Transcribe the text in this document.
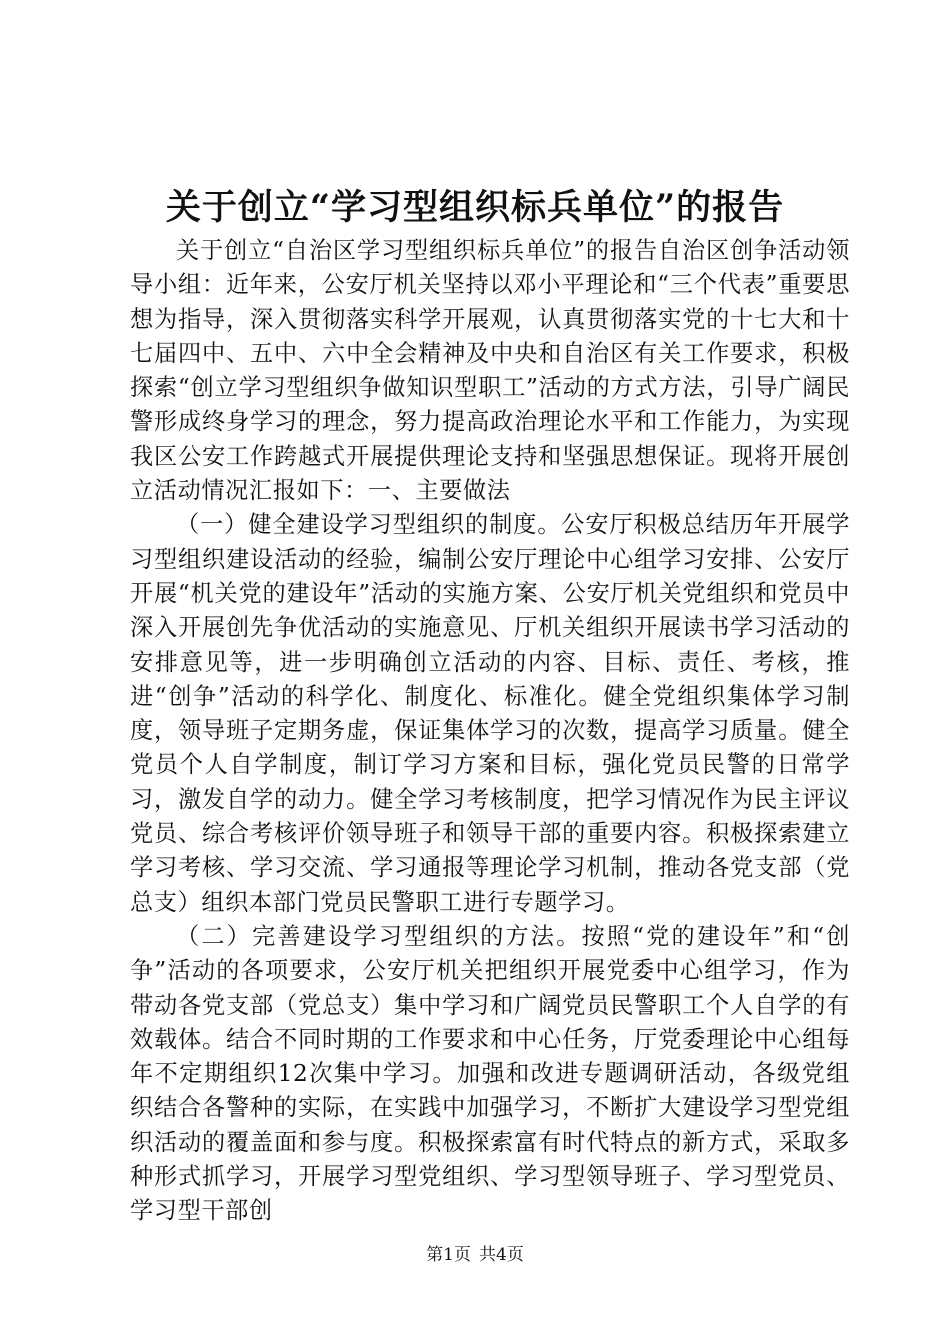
关于创立“学习型组织标兵单位”的报告

关于创立“自治区学习型组织标兵单位”的报告自治区创争活动领导小组：近年来，公安厅机关坚持以邓小平理论和“三个代表”重要思想为指导，深入贯彻落实科学开展观，认真贯彻落实党的十七大和十七届四中、五中、六中全会精神及中央和自治区有关工作要求，积极探索“创立学习型组织争做知识型职工”活动的方式方法，引导广阔民警形成终身学习的理念，努力提高政治理论水平和工作能力，为实现我区公安工作跨越式开展提供理论支持和坚强思想保证。现将开展创立活动情况汇报如下：一、主要做法

（一）健全建设学习型组织的制度。公安厅积极总结历年开展学习型组织建设活动的经验，编制公安厅理论中心组学习安排、公安厅开展“机关党的建设年”活动的实施方案、公安厅机关党组织和党员中深入开展创先争优活动的实施意见、厅机关组织开展读书学习活动的安排意见等，进一步明确创立活动的内容、目标、责任、考核，推进“创争”活动的科学化、制度化、标准化。健全党组织集体学习制度，领导班子定期务虚，保证集体学习的次数，提高学习质量。健全党员个人自学制度，制订学习方案和目标，强化党员民警的日常学习，激发自学的动力。健全学习考核制度，把学习情况作为民主评议党员、综合考核评价领导班子和领导干部的重要内容。积极探索建立学习考核、学习交流、学习通报等理论学习机制，推动各党支部（党总支）组织本部门党员民警职工进行专题学习。

（二）完善建设学习型组织的方法。按照“党的建设年”和“创争”活动的各项要求，公安厅机关把组织开展党委中心组学习，作为带动各党支部（党总支）集中学习和广阔党员民警职工个人自学的有效载体。结合不同时期的工作要求和中心任务，厅党委理论中心组每年不定期组织12次集中学习。加强和改进专题调研活动，各级党组织结合各警种的实际，在实践中加强学习，不断扩大建设学习型党组织活动的覆盖面和参与度。积极探索富有时代特点的新方式，采取多种形式抓学习，开展学习型党组织、学习型领导班子、学习型党员、学习型干部创

第1页 共4页
